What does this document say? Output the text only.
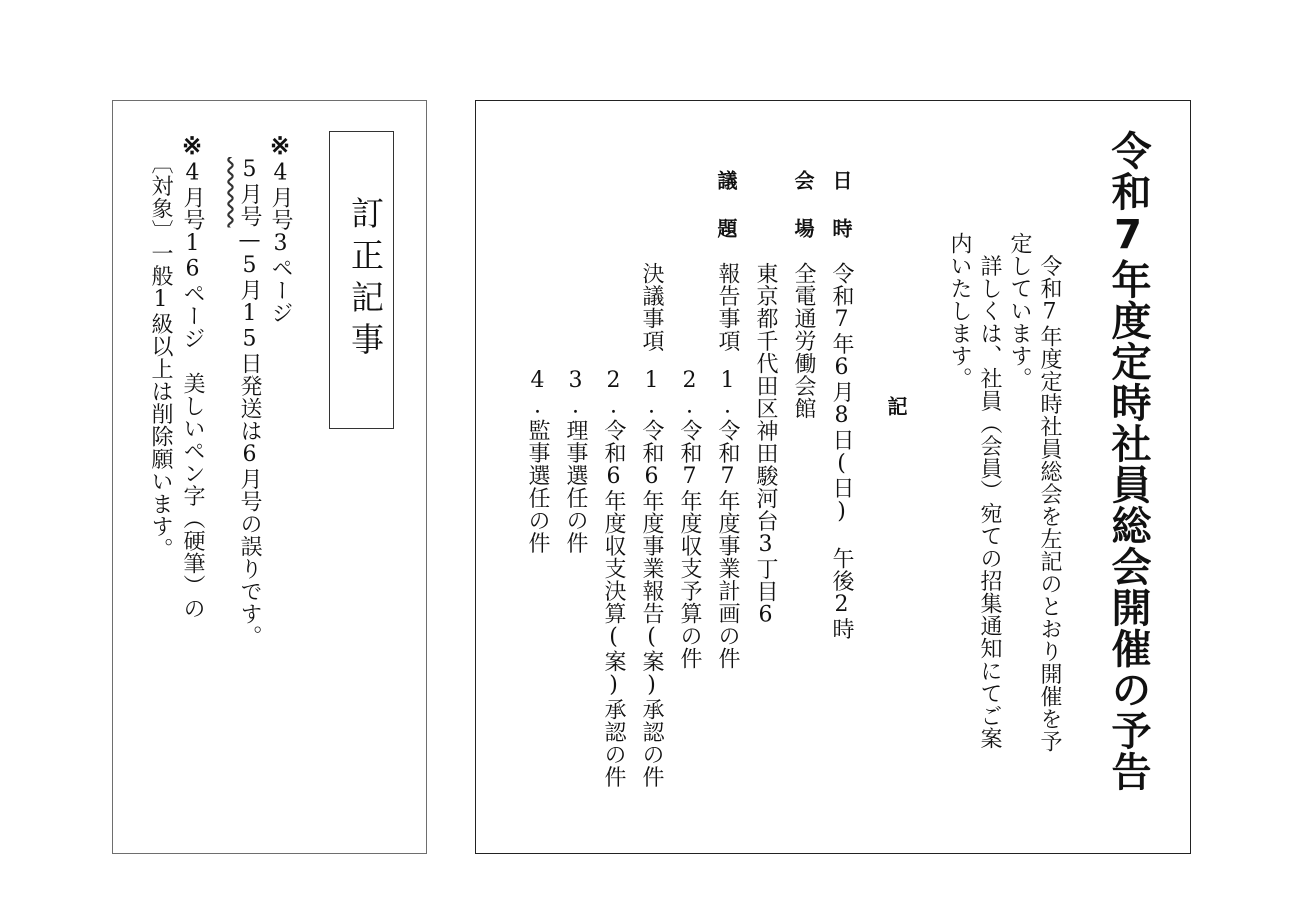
訂正記事
※4月号3ページ
5月号—5月15日発送は6月号の誤りです。
※4月号16ページ　美しいペン字（硬筆）の
〔対象〕一般1級以上は削除願います。	令和7年度定時社員総会開催の予告
　令和7年度定時社員総会を左記のとおり開催を予
定しています。
　詳しくは、社員（会員）宛ての招集通知にてご案
内いたします。
記
日　時
令和7年6月8日(日)　午後2時
会　場
全電通労働会館
東京都千代田区神田駿河台3丁目6
議　題
報告事項
1.令和7年度事業計画の件
2.令和7年度収支予算の件
決議事項
1.令和6年度事業報告(案)承認の件
2.令和6年度収支決算(案)承認の件
3.理事選任の件
4.監事選任の件
